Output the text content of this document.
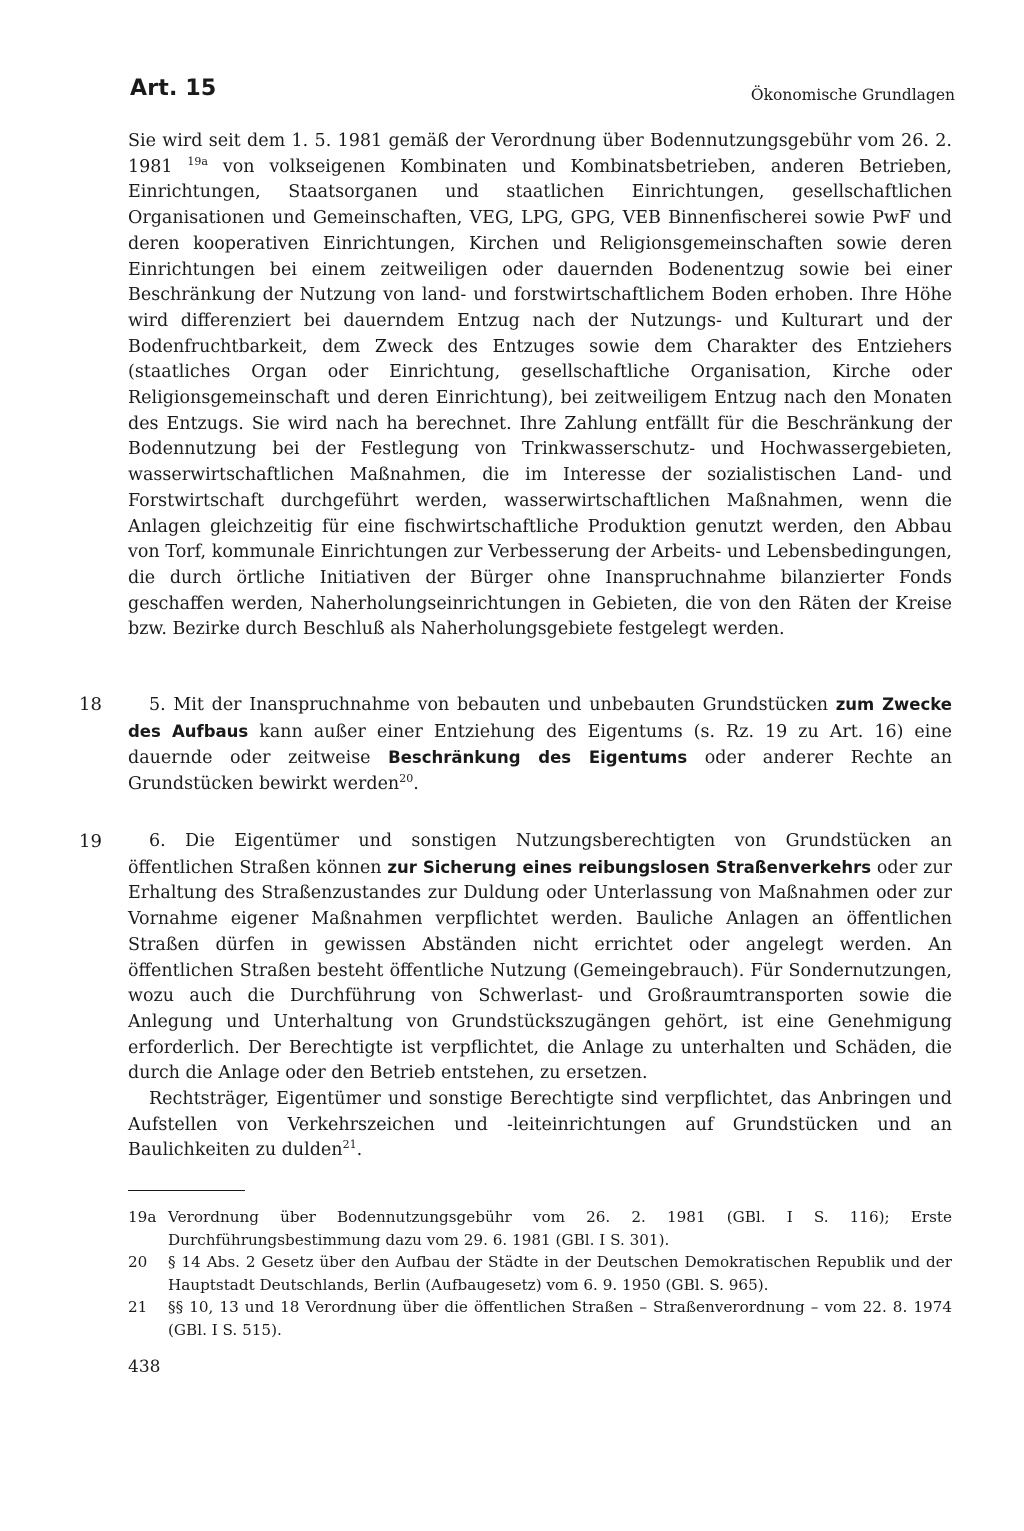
Art. 15	Ökonomische Grundlagen

Sie wird seit dem 1. 5. 1981 gemäß der Verordnung über Bodennutzungsgebühr vom 26. 2. 1981 $^{19a}$ von volkseigenen Kombinaten und Kombinatsbetrieben, anderen Betrieben, Einrichtungen, Staatsorganen und staatlichen Einrichtungen, gesellschaftlichen Organisationen und Gemeinschaften, VEG, LPG, GPG, VEB Binnenfischerei sowie PwF und deren kooperativen Einrichtungen, Kirchen und Religionsgemeinschaften sowie deren Einrichtungen bei einem zeitweiligen oder dauernden Bodenentzug sowie bei einer Beschränkung der Nutzung von land- und forstwirtschaftlichem Boden erhoben. Ihre Höhe wird differenziert bei dauerndem Entzug nach der Nutzungs- und Kulturart und der Bodenfruchtbarkeit, dem Zweck des Entzuges sowie dem Charakter des Entziehers (staatliches Organ oder Einrichtung, gesellschaftliche Organisation, Kirche oder Religionsgemeinschaft und deren Einrichtung), bei zeitweiligem Entzug nach den Monaten des Entzugs. Sie wird nach ha berechnet. Ihre Zahlung entfällt für die Beschränkung der Bodennutzung bei der Festlegung von Trinkwasserschutz- und Hochwassergebieten, wasserwirtschaftlichen Maßnahmen, die im Interesse der sozialistischen Land- und Forstwirtschaft durchgeführt werden, wasserwirtschaftlichen Maßnahmen, wenn die Anlagen gleichzeitig für eine fischwirtschaftliche Produktion genutzt werden, den Abbau von Torf, kommunale Einrichtungen zur Verbesserung der Arbeits- und Lebensbedingungen, die durch örtliche Initiativen der Bürger ohne Inanspruchnahme bilanzierter Fonds geschaffen werden, Naherholungseinrichtungen in Gebieten, die von den Räten der Kreise bzw. Bezirke durch Beschluß als Naherholungsgebiete festgelegt werden.

18	5. Mit der Inanspruchnahme von bebauten und unbebauten Grundstücken zum Zwecke des Aufbaus kann außer einer Entziehung des Eigentums (s. Rz. 19 zu Art. 16) eine dauernde oder zeitweise Beschränkung des Eigentums oder anderer Rechte an Grundstücken bewirkt werden$^{20}$.

19	6. Die Eigentümer und sonstigen Nutzungsberechtigten von Grundstücken an öffentlichen Straßen können zur Sicherung eines reibungslosen Straßenverkehrs oder zur Erhaltung des Straßenzustandes zur Duldung oder Unterlassung von Maßnahmen oder zur Vornahme eigener Maßnahmen verpflichtet werden. Bauliche Anlagen an öffentlichen Straßen dürfen in gewissen Abständen nicht errichtet oder angelegt werden. An öffentlichen Straßen besteht öffentliche Nutzung (Gemeingebrauch). Für Sondernutzungen, wozu auch die Durchführung von Schwerlast- und Großraumtransporten sowie die Anlegung und Unterhaltung von Grundstückszugängen gehört, ist eine Genehmigung erforderlich. Der Berechtigte ist verpflichtet, die Anlage zu unterhalten und Schäden, die durch die Anlage oder den Betrieb entstehen, zu ersetzen.

Rechtsträger, Eigentümer und sonstige Berechtigte sind verpflichtet, das Anbringen und Aufstellen von Verkehrszeichen und -leiteinrichtungen auf Grundstücken und an Baulichkeiten zu dulden$^{21}$.

19a Verordnung über Bodennutzungsgebühr vom 26. 2. 1981 (GBl. I S. 116); Erste Durchführungsbestimmung dazu vom 29. 6. 1981 (GBl. I S. 301).

20	§ 14 Abs. 2 Gesetz über den Aufbau der Städte in der Deutschen Demokratischen Republik und der Hauptstadt Deutschlands, Berlin (Aufbaugesetz) vom 6. 9. 1950 (GBl. S. 965).

21	§§ 10, 13 und 18 Verordnung über die öffentlichen Straßen – Straßenverordnung – vom 22. 8. 1974 (GBl. I S. 515).

438
